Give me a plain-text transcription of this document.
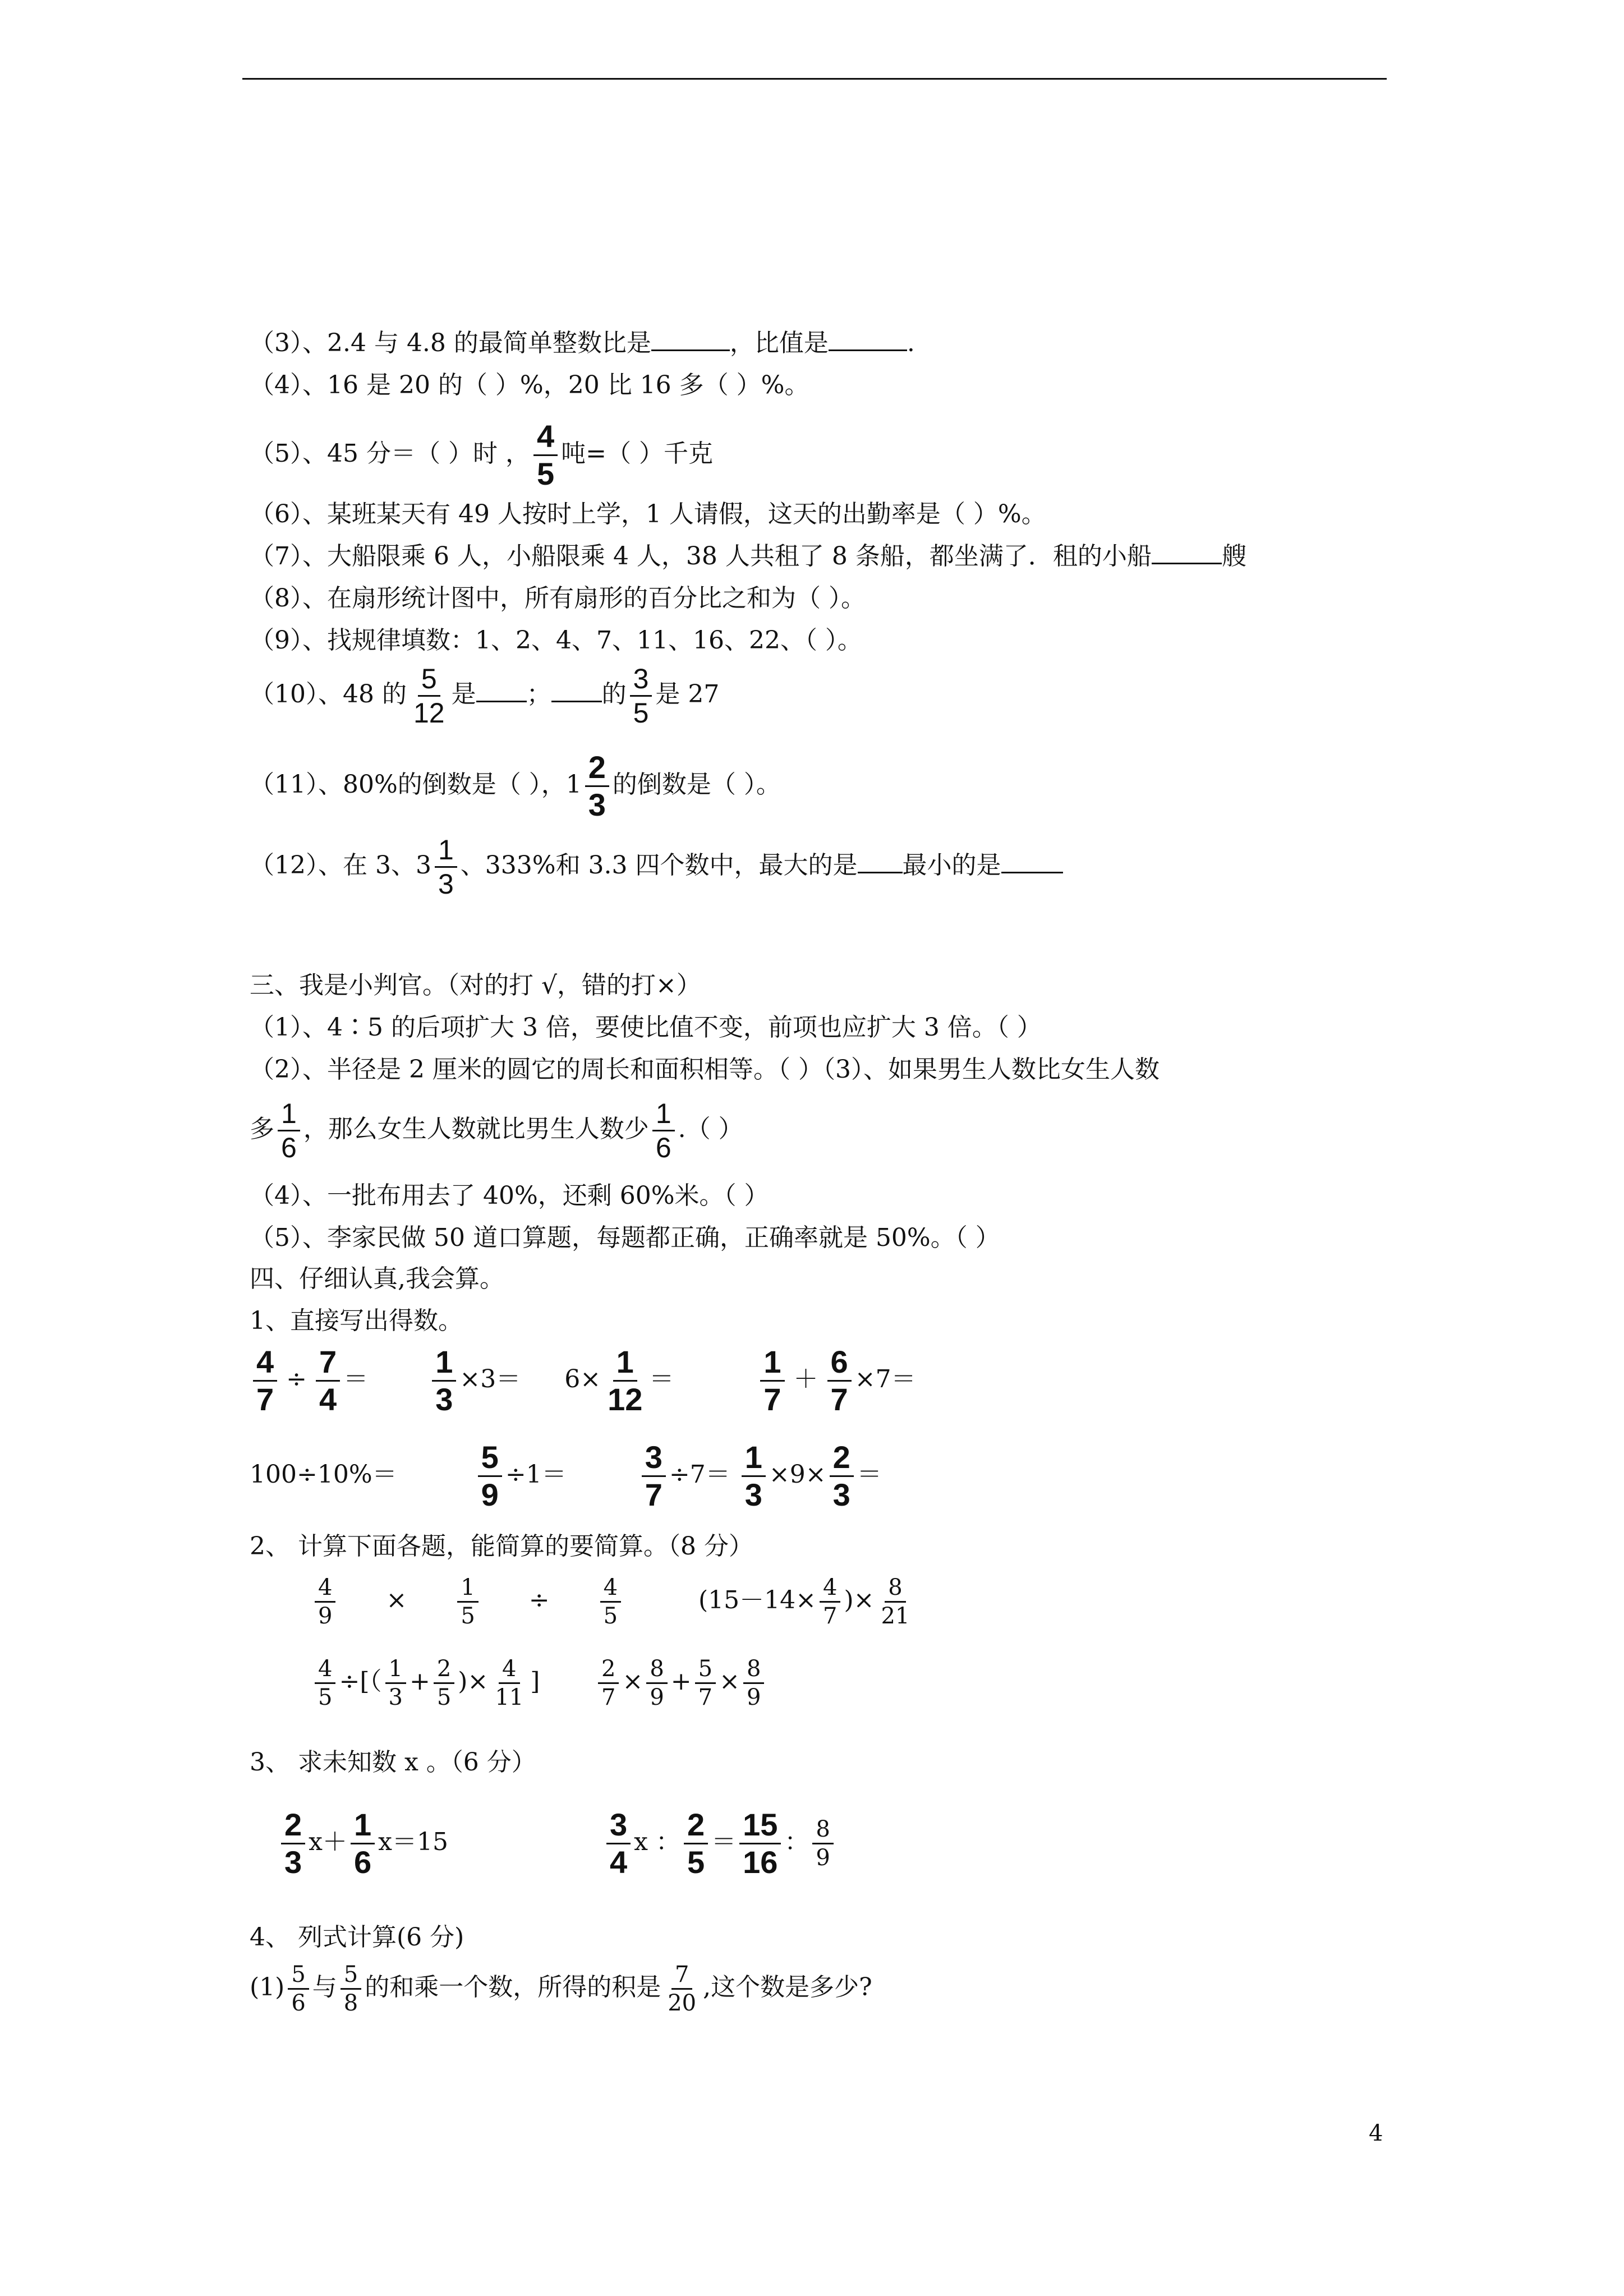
（3）、2.4 与 4.8 的最简单整数比是	，比值是	.
（4）、16 是 20 的（ ）%，20 比 16 多（ ）%。
（5）、45 分＝（ ）时 ， $\frac{4}{5}$ 吨=（ ）千克
（6）、某班某天有 49 人按时上学，1 人请假，这天的出勤率是（ ）%。
（7）、大船限乘 6 人，小船限乘 4 人，38 人共租了 8 条船，都坐满了．租的小船	艘
（8）、在扇形统计图中，所有扇形的百分比之和为（ ）。
（9）、找规律填数：1、2、4、7、11、16、22、（ ）。
（10）、48 的 $\frac{5}{12}$ 是 ； 的 $\frac{3}{5}$ 是 27
（11）、80%的倒数是（ ），$1 \frac{2}{3}$ 的倒数是（ ）。
（12）、在 3、$3 \frac{1}{3}$ 、333%和 3.3 四个数中，最大的是 最小的是
三、我是小判官。（对的打 √，错的打×）
（1）、4∶5 的后项扩大 3 倍，要使比值不变，前项也应扩大 3 倍。（ ）
（2）、半径是 2 厘米的圆它的周长和面积相等。（ ）（3）、如果男生人数比女生人数
多 $\frac{1}{6}$ ，那么女生人数就比男生人数少 $\frac{1}{6}$ .（ ）
（4）、一批布用去了 40%，还剩 60%米。（ ）
（5）、李家民做 50 道口算题，每题都正确，正确率就是 50%。（ ）
四、仔细认真,我会算。
1、直接写出得数。
$\frac{4}{7} \div \frac{7}{4} = \frac{1}{3} \times 3= 6\times \frac{1}{12}$ ＝	$\frac{1}{7} + \frac{6}{7} \times 7=$
100÷10%＝	$\frac{5}{9} \div 1= \frac{3}{7} \div 7= \frac{1}{3} \times 9\times \frac{2}{3}$ ＝
2、 计算下面各题，能简算的要简算。（8 分）
$\frac{4}{9} \times \frac{1}{5} \div \frac{4}{5}$	($15-14\times \frac{4}{7}$ )× $\frac{8}{21}$
$\frac{4}{5}$ ÷[（ $\frac{1}{3} + \frac{2}{5}$ )× $\frac{4}{11}$ ]	$\frac{2}{7} \times \frac{8}{9} + \frac{5}{7} \times \frac{8}{9}$
3、 求未知数 x 。（6 分）
$\frac{2}{3} x+ \frac{1}{6} x=15$	$\frac{3}{4}$ x ： $\frac{2}{5} = \frac{15}{16}$ ： $\frac{8}{9}$
4、 列式计算(6 分)
$(1) \frac{5}{6}$ 与 $\frac{5}{8}$ 的和乘一个数，所得的积是 $\frac{7}{20}$ ,这个数是多少?
4
